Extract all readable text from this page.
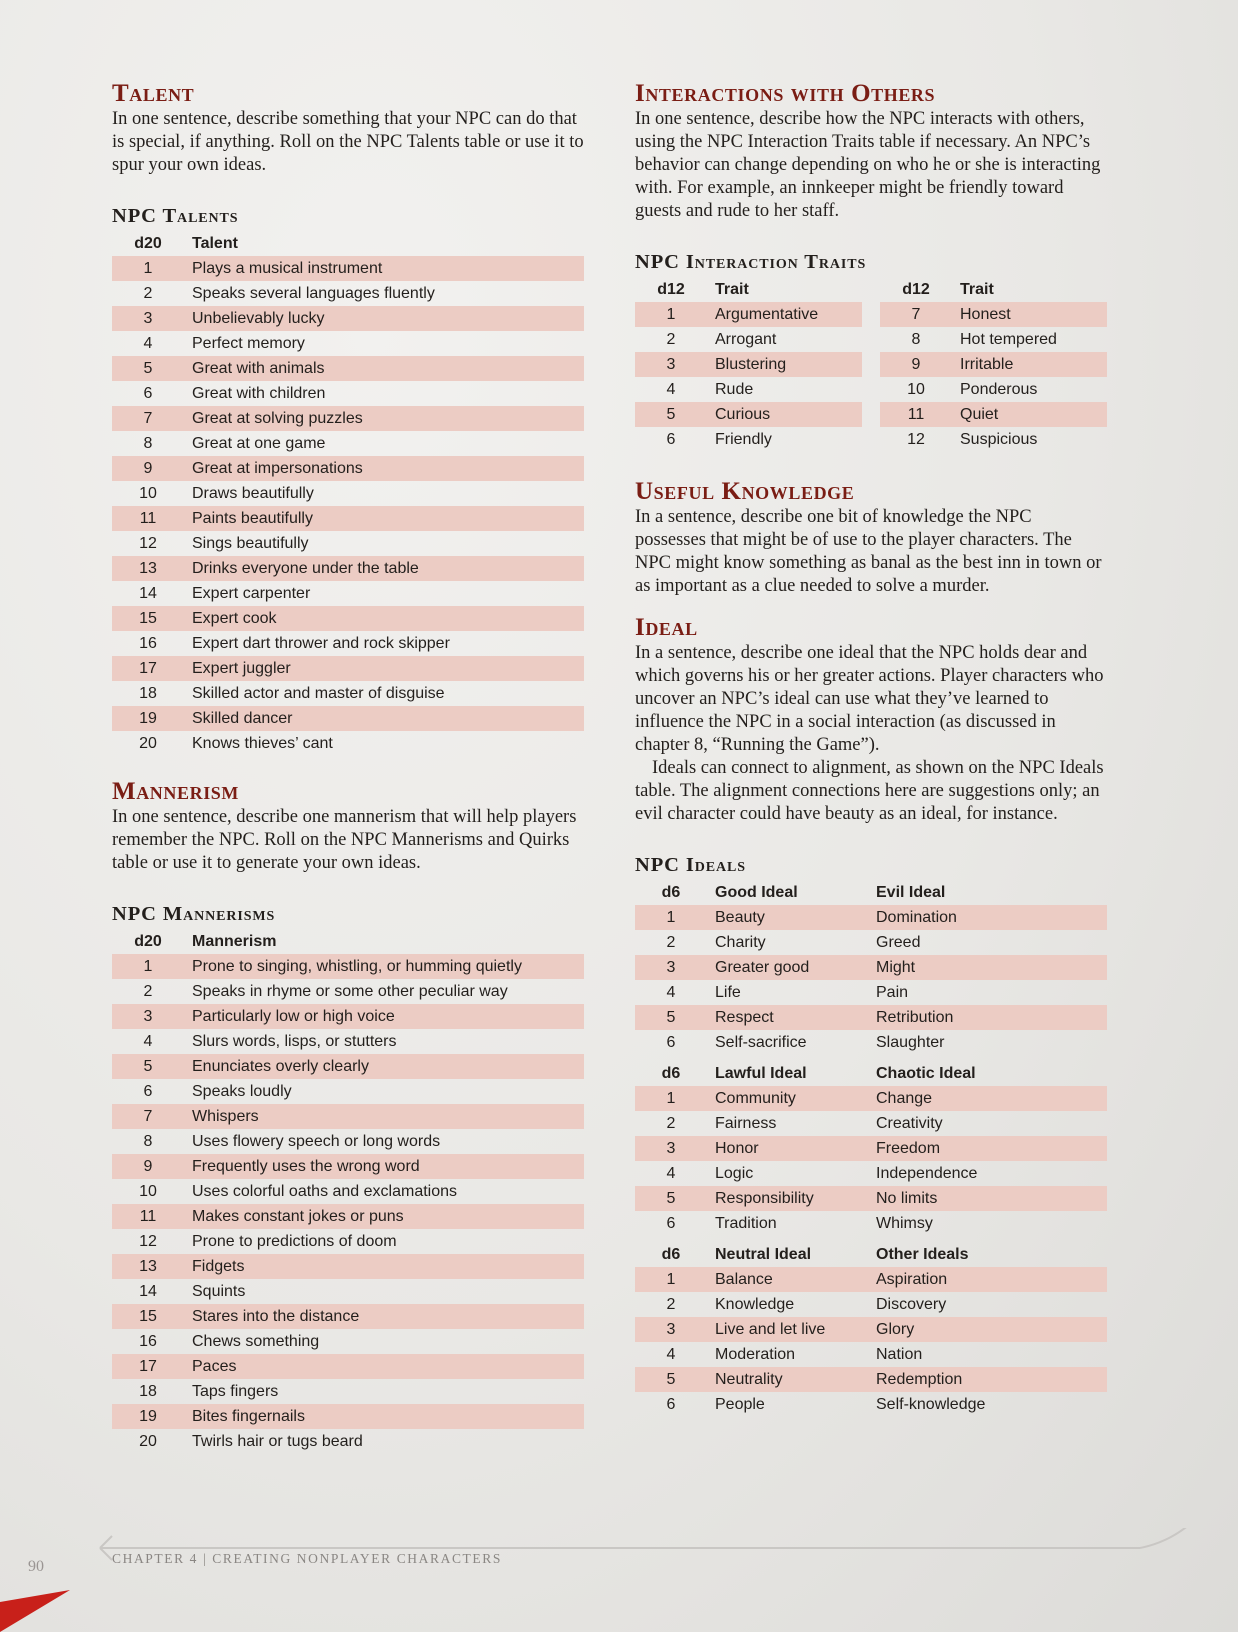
Talent

In one sentence, describe something that your NPC can do that is special, if anything. Roll on the NPC Talents table or use it to spur your own ideas.

NPC Talents
d20	Talent
1	Plays a musical instrument
2	Speaks several languages fluently
3	Unbelievably lucky
4	Perfect memory
5	Great with animals
6	Great with children
7	Great at solving puzzles
8	Great at one game
9	Great at impersonations
10	Draws beautifully
11	Paints beautifully
12	Sings beautifully
13	Drinks everyone under the table
14	Expert carpenter
15	Expert cook
16	Expert dart thrower and rock skipper
17	Expert juggler
18	Skilled actor and master of disguise
19	Skilled dancer
20	Knows thieves’ cant
Mannerism

In one sentence, describe one mannerism that will help players remember the NPC. Roll on the NPC Mannerisms and Quirks table or use it to generate your own ideas.

NPC Mannerisms
d20	Mannerism
1	Prone to singing, whistling, or humming quietly
2	Speaks in rhyme or some other peculiar way
3	Particularly low or high voice
4	Slurs words, lisps, or stutters
5	Enunciates overly clearly
6	Speaks loudly
7	Whispers
8	Uses flowery speech or long words
9	Frequently uses the wrong word
10	Uses colorful oaths and exclamations
11	Makes constant jokes or puns
12	Prone to predictions of doom
13	Fidgets
14	Squints
15	Stares into the distance
16	Chews something
17	Paces
18	Taps fingers
19	Bites fingernails
20	Twirls hair or tugs beard
Interactions with Others

In one sentence, describe how the NPC interacts with others, using the NPC Interaction Traits table if necessary. An NPC’s behavior can change depending on who he or she is interacting with. For example, an innkeeper might be friendly toward guests and rude to her staff.

NPC Interaction Traits
d12	Trait
1	Argumentative
2	Arrogant
3	Blustering
4	Rude
5	Curious
6	Friendly
d12	Trait
7	Honest
8	Hot tempered
9	Irritable
10	Ponderous
11	Quiet
12	Suspicious
Useful Knowledge

In a sentence, describe one bit of knowledge the NPC possesses that might be of use to the player characters. The NPC might know something as banal as the best inn in town or as important as a clue needed to solve a murder.

Ideal

In a sentence, describe one ideal that the NPC holds dear and which governs his or her greater actions. Player characters who uncover an NPC’s ideal can use what they’ve learned to influence the NPC in a social interaction (as discussed in chapter 8, “Running the Game”).

Ideals can connect to alignment, as shown on the NPC Ideals table. The alignment connections here are suggestions only; an evil character could have beauty as an ideal, for instance.

NPC Ideals
d6	Good Ideal	Evil Ideal
1	Beauty	Domination
2	Charity	Greed
3	Greater good	Might
4	Life	Pain
5	Respect	Retribution
6	Self-sacrifice	Slaughter
d6	Lawful Ideal	Chaotic Ideal
1	Community	Change
2	Fairness	Creativity
3	Honor	Freedom
4	Logic	Independence
5	Responsibility	No limits
6	Tradition	Whimsy
d6	Neutral Ideal	Other Ideals
1	Balance	Aspiration
2	Knowledge	Discovery
3	Live and let live	Glory
4	Moderation	Nation
5	Neutrality	Redemption
6	People	Self-knowledge
CHAPTER 4 | CREATING NONPLAYER CHARACTERS
90
